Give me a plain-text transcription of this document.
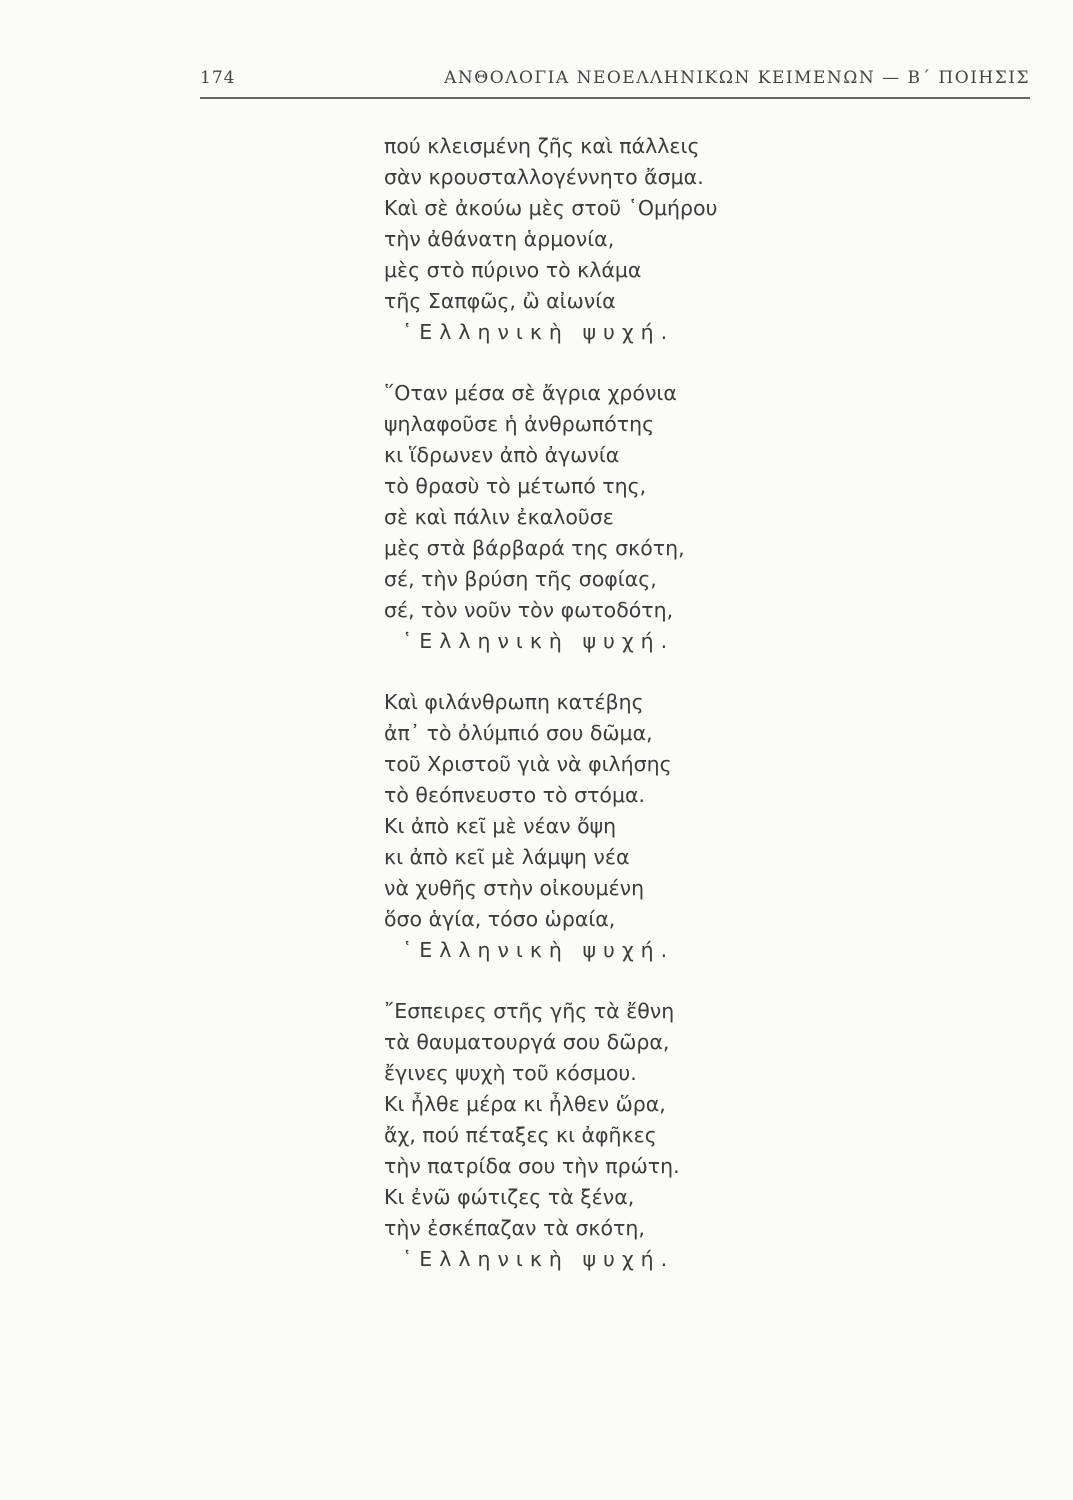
174	ΑΝΘΟΛΟΓΙΑ ΝΕΟΕΛΛΗΝΙΚΩΝ ΚΕΙΜΕΝΩΝ — Β΄ ΠΟΙΗΣΙΣ
πού κλεισμένη ζῆς καὶ πάλλεις
σὰν κρουσταλλογέννητο ἄσμα.
Καὶ σὲ ἀκούω μὲς στοῦ ῾Ομήρου
τὴν ἀθάνατη ἁρμονία,
μὲς στὸ πύρινο τὸ κλάμα
τῆς Σαπφῶς, ὢ αἰωνία
῾Ελληνικὴ ψυχή.
῞Οταν μέσα σὲ ἄγρια χρόνια
ψηλαφοῦσε ἡ ἀνθρωπότης
κι ἵδρωνεν ἀπὸ ἀγωνία
τὸ θρασὺ τὸ μέτωπό της,
σὲ καὶ πάλιν ἐκαλοῦσε
μὲς στὰ βάρβαρά της σκότη,
σέ, τὴν βρύση τῆς σοφίας,
σέ, τὸν νοῦν τὸν φωτοδότη,
῾Ελληνικὴ ψυχή.
Καὶ φιλάνθρωπη κατέβης
ἀπ᾿ τὸ ὀλύμπιό σου δῶμα,
τοῦ Χριστοῦ γιὰ νὰ φιλήσης
τὸ θεόπνευστο τὸ στόμα.
Κι ἀπὸ κεῖ μὲ νέαν ὄψη
κι ἀπὸ κεῖ μὲ λάμψη νέα
νὰ χυθῆς στὴν οἰκουμένη
ὅσο ἁγία, τόσο ὡραία,
῾Ελληνικὴ ψυχή.
῎Εσπειρες στῆς γῆς τὰ ἔθνη
τὰ θαυματουργά σου δῶρα,
ἔγινες ψυχὴ τοῦ κόσμου.
Κι ἦλθε μέρα κι ἦλθεν ὥρα,
ἄχ, πού πέταξες κι ἀφῆκες
τὴν πατρίδα σου τὴν πρώτη.
Κι ἐνῶ φώτιζες τὰ ξένα,
τὴν ἐσκέπαζαν τὰ σκότη,
῾Ελληνικὴ ψυχή.
